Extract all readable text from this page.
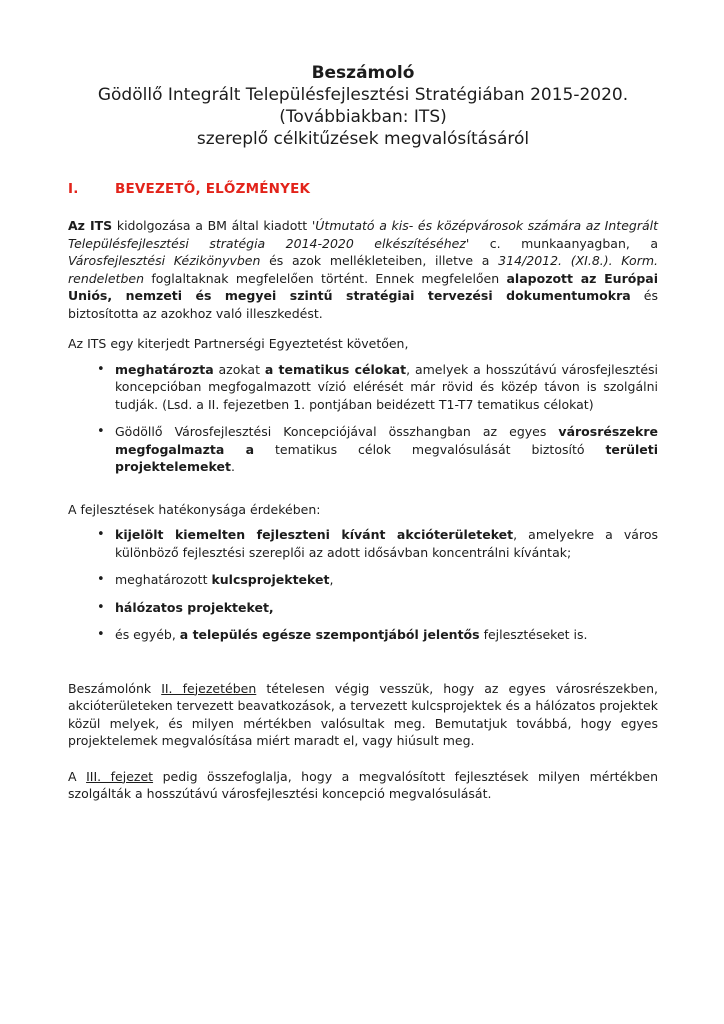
Beszámoló
Gödöllő Integrált Településfejlesztési Stratégiában 2015-2020.
(Továbbiakban: ITS)
szereplő célkitűzések megvalósításáról
I.	BEVEZETŐ, ELŐZMÉNYEK

Az ITS kidolgozása a BM által kiadott 'Útmutató a kis- és középvárosok számára az Integrált Településfejlesztési stratégia 2014-2020 elkészítéséhez' c. munkaanyagban, a Városfejlesztési Kézikönyvben és azok mellékleteiben, illetve a 314/2012. (XI.8.). Korm. rendeletben foglaltaknak megfelelően történt. Ennek megfelelően alapozott az Európai Uniós, nemzeti és megyei szintű stratégiai tervezési dokumentumokra és biztosította az azokhoz való illeszkedést.

Az ITS egy kiterjedt Partnerségi Egyeztetést követően,

• meghatározta azokat a tematikus célokat, amelyek a hosszútávú városfejlesztési koncepcióban megfogalmazott vízió elérését már rövid és közép távon is szolgálni tudják. (Lsd. a II. fejezetben 1. pontjában beidézett T1-T7 tematikus célokat)
• Gödöllő Városfejlesztési Koncepciójával összhangban az egyes városrészekre megfogalmazta a tematikus célok megvalósulását biztosító területi projektelemeket.

A fejlesztések hatékonysága érdekében:

• kijelölt kiemelten fejleszteni kívánt akcióterületeket, amelyekre a város különböző fejlesztési szereplői az adott idősávban koncentrálni kívántak;
• meghatározott kulcsprojekteket,
• hálózatos projekteket,
• és egyéb, a település egésze szempontjából jelentős fejlesztéseket is.

Beszámolónk II. fejezetében tételesen végig vesszük, hogy az egyes városrészekben, akcióterületeken tervezett beavatkozások, a tervezett kulcsprojektek és a hálózatos projektek közül melyek, és milyen mértékben valósultak meg. Bemutatjuk továbbá, hogy egyes projektelemek megvalósítása miért maradt el, vagy hiúsult meg.

A III. fejezet pedig összefoglalja, hogy a megvalósított fejlesztések milyen mértékben szolgálták a hosszútávú városfejlesztési koncepció megvalósulását.
